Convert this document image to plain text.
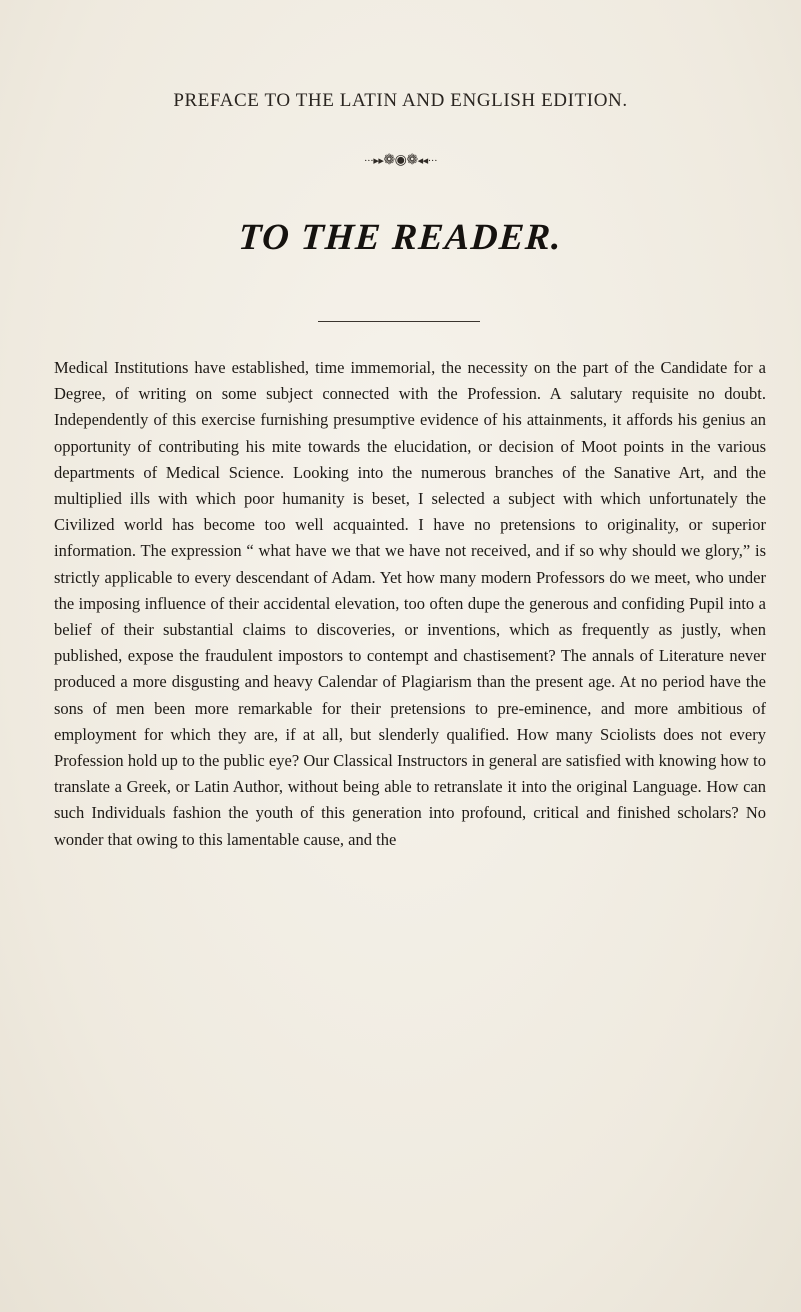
PREFACE TO THE LATIN AND ENGLISH EDITION.
···▸▸❁◉❁◂◂···
TO THE READER.

Medical Institutions have established, time immemorial, the necessity on the part of the Candidate for a Degree, of writing on some subject connected with the Profession. A salutary requisite no doubt. Independently of this exercise furnishing presumptive evidence of his attainments, it affords his genius an opportunity of contributing his mite towards the elucidation, or decision of Moot points in the various departments of Medical Science. Looking into the numerous branches of the Sanative Art, and the multiplied ills with which poor humanity is beset, I selected a subject with which unfortunately the Civilized world has become too well acquainted. I have no pretensions to originality, or superior information. The expression “ what have we that we have not received, and if so why should we glory,” is strictly applicable to every descendant of Adam. Yet how many modern Professors do we meet, who under the imposing influence of their accidental elevation, too often dupe the generous and confiding Pupil into a belief of their substantial claims to discoveries, or inventions, which as frequently as justly, when published, expose the fraudulent impostors to contempt and chastisement? The annals of Literature never produced a more disgusting and heavy Calendar of Plagiarism than the present age. At no period have the sons of men been more remarkable for their pretensions to pre-eminence, and more ambitious of employment for which they are, if at all, but slenderly qualified. How many Sciolists does not every Profession hold up to the public eye? Our Classical Instructors in general are satisfied with knowing how to translate a Greek, or Latin Author, without being able to retranslate it into the original Language. How can such Individuals fashion the youth of this generation into profound, critical and finished scholars? No wonder that owing to this lamentable cause, and the
